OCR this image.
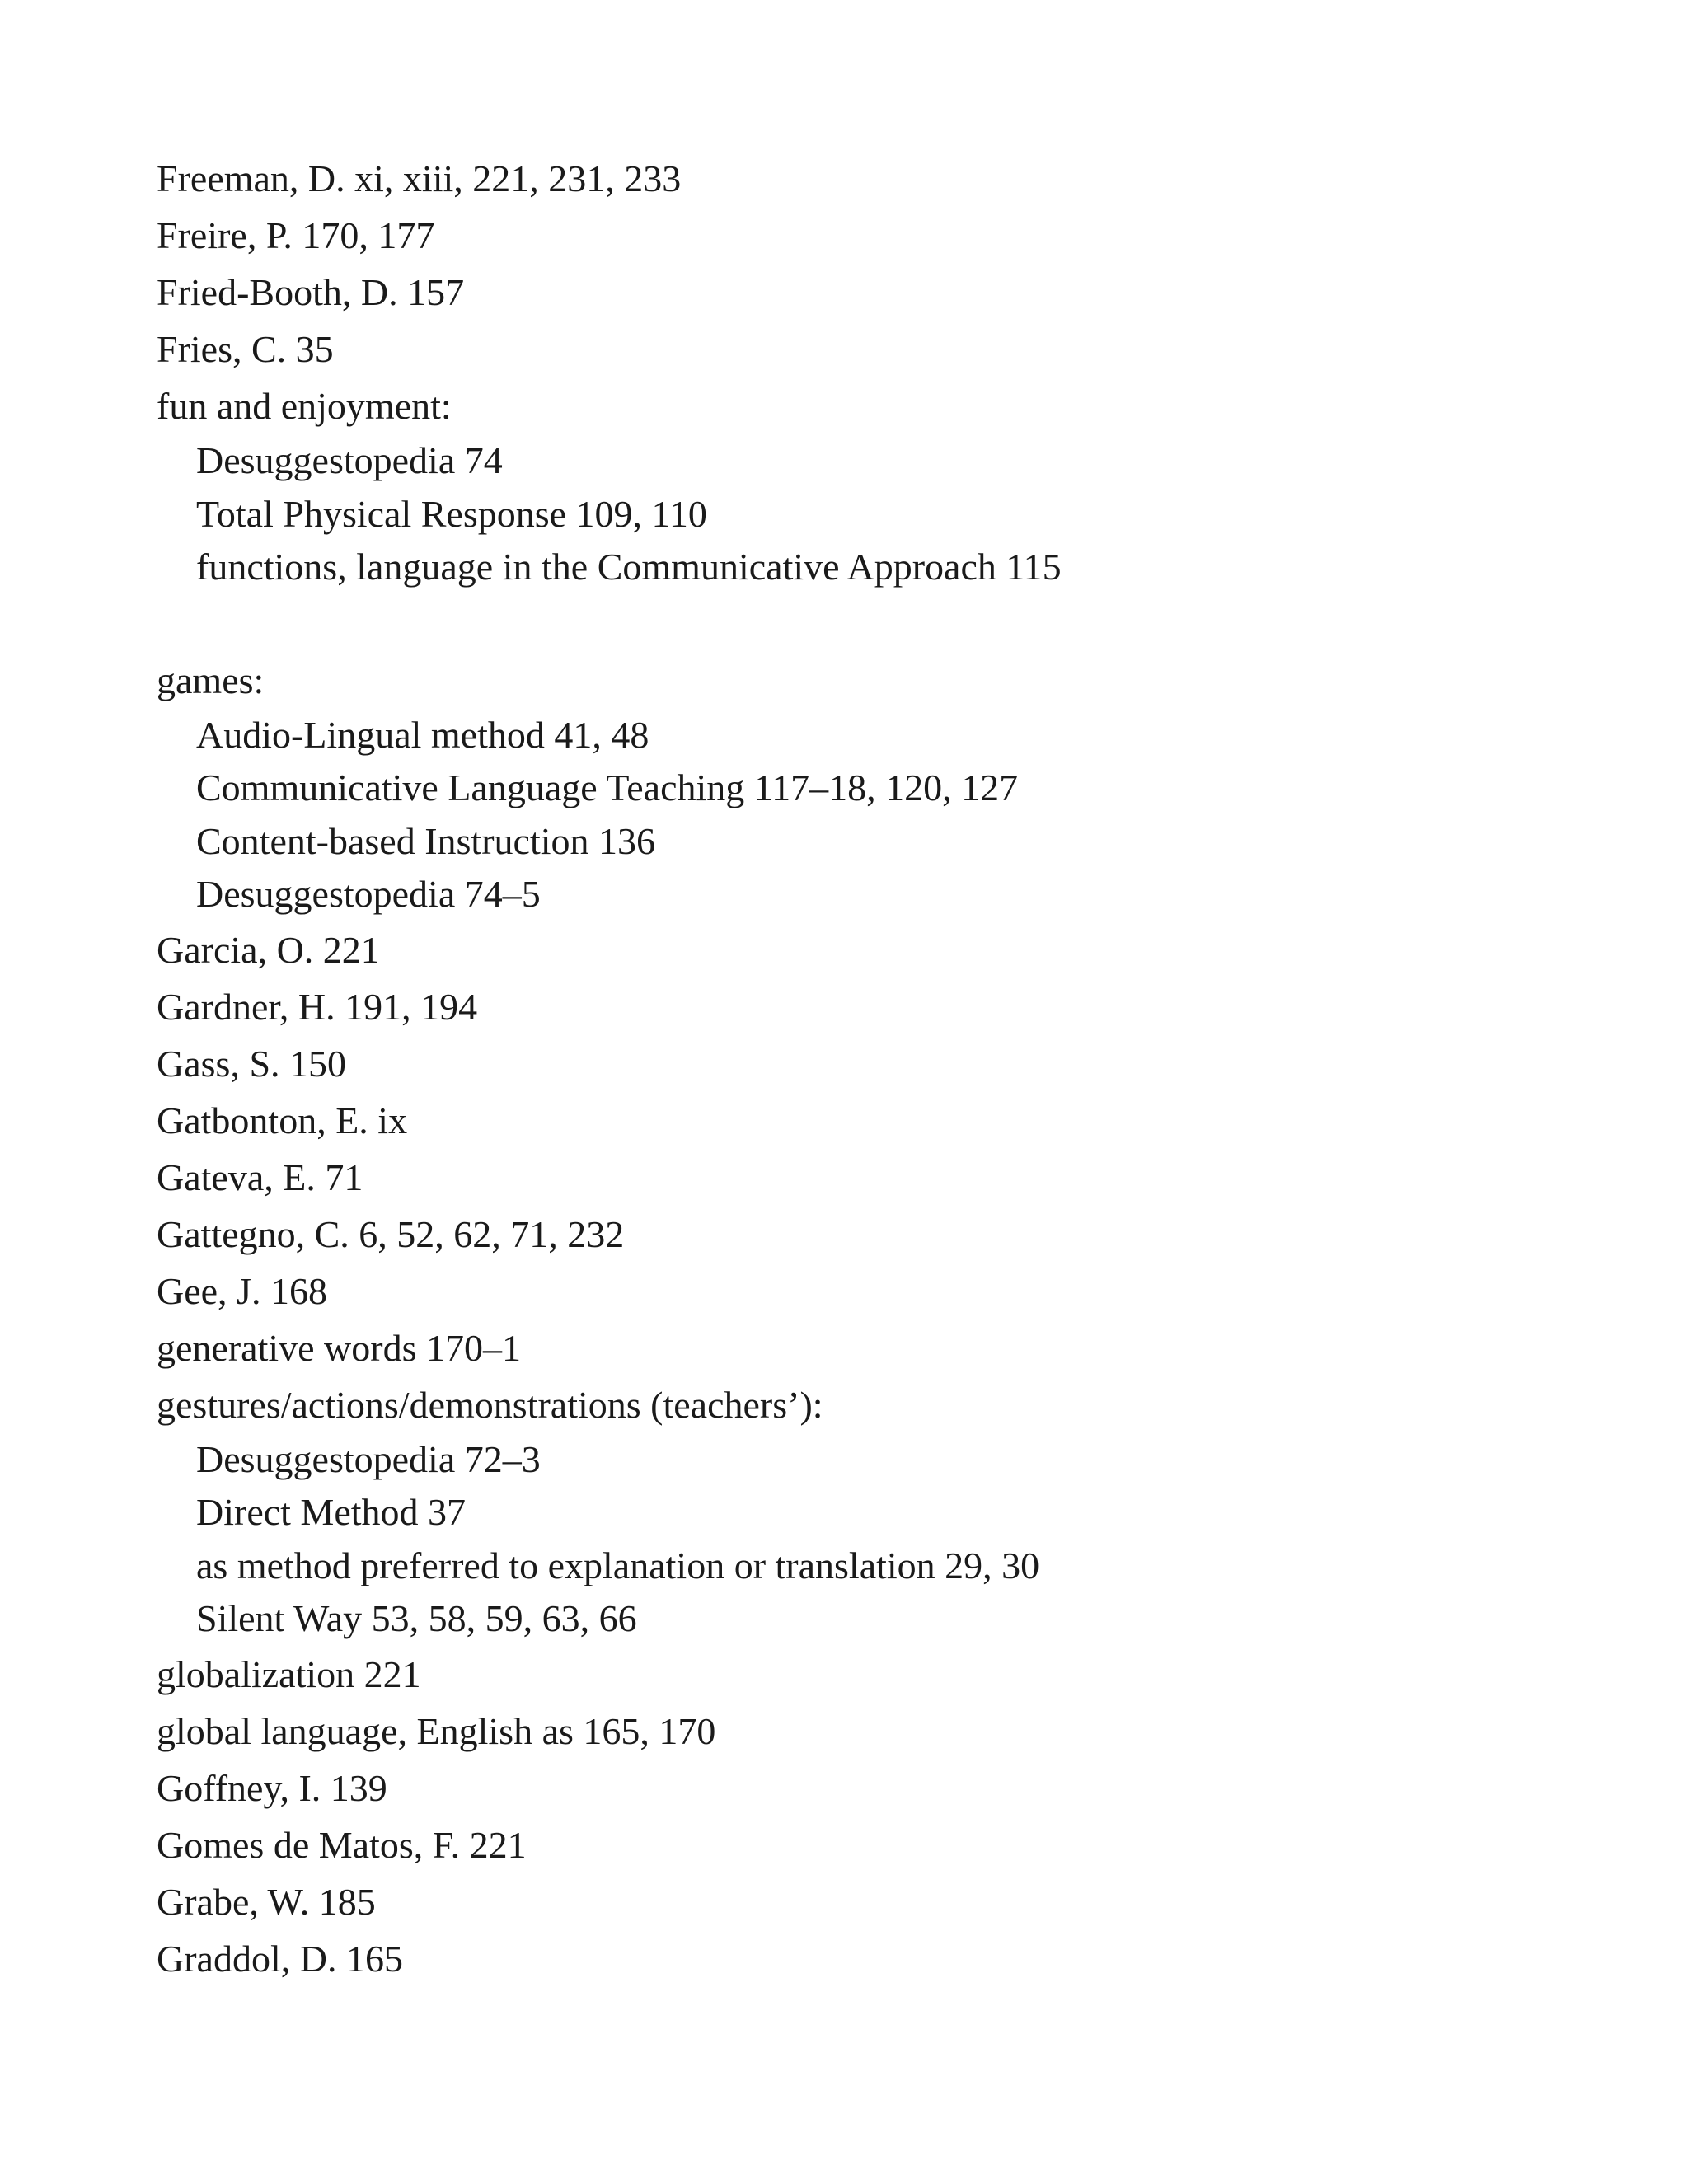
Freeman, D. xi, xiii, 221, 231, 233
Freire, P. 170, 177
Fried-Booth, D. 157
Fries, C. 35
fun and enjoyment:
Desuggestopedia 74
Total Physical Response 109, 110
functions, language in the Communicative Approach 115
games:
Audio-Lingual method 41, 48
Communicative Language Teaching 117–18, 120, 127
Content-based Instruction 136
Desuggestopedia 74–5
Garcia, O. 221
Gardner, H. 191, 194
Gass, S. 150
Gatbonton, E. ix
Gateva, E. 71
Gattegno, C. 6, 52, 62, 71, 232
Gee, J. 168
generative words 170–1
gestures/actions/demonstrations (teachers’):
Desuggestopedia 72–3
Direct Method 37
as method preferred to explanation or translation 29, 30
Silent Way 53, 58, 59, 63, 66
globalization 221
global language, English as 165, 170
Goffney, I. 139
Gomes de Matos, F. 221
Grabe, W. 185
Graddol, D. 165
